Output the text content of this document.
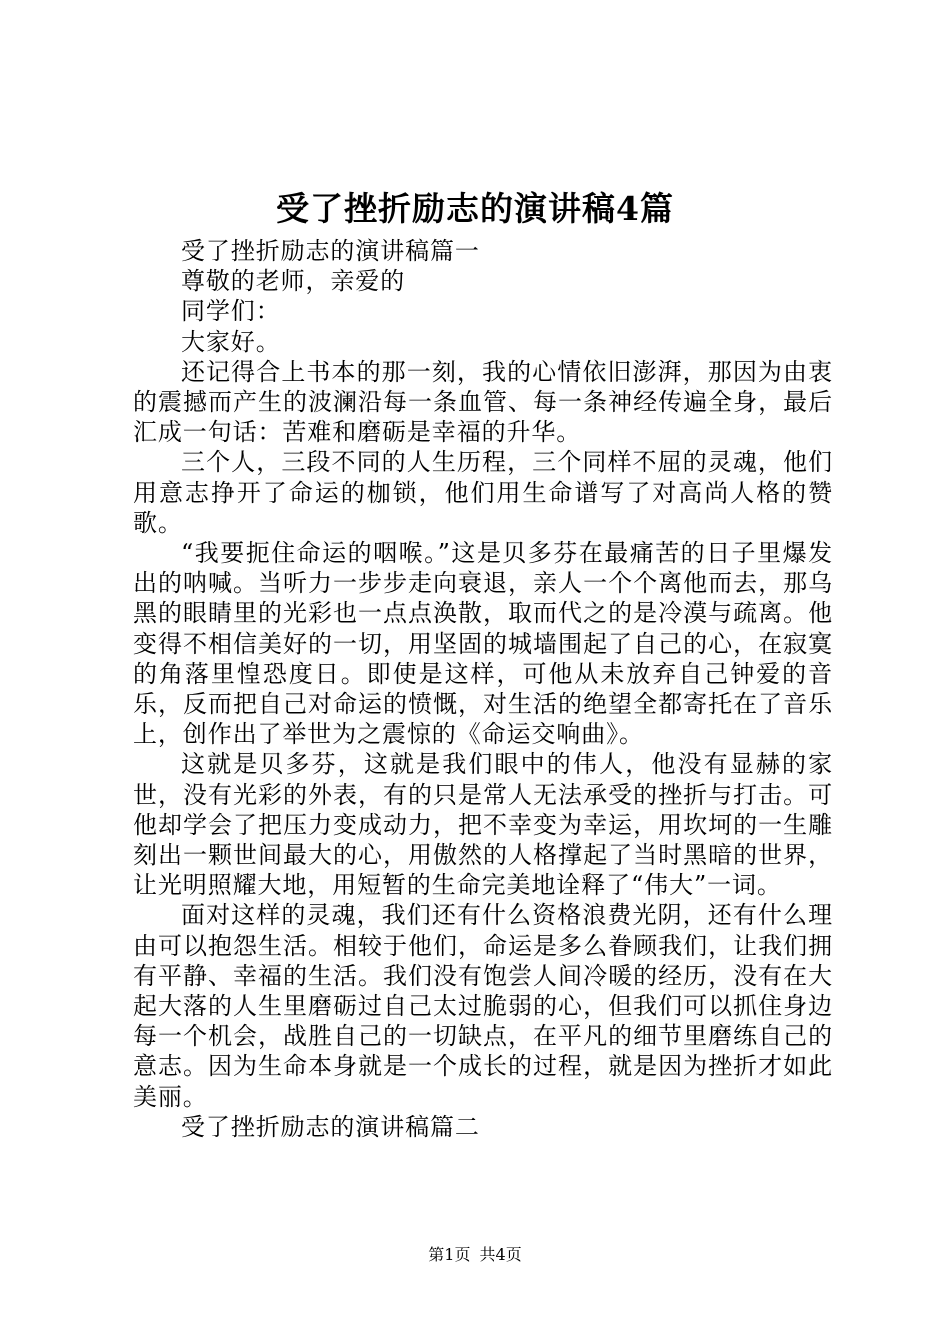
受了挫折励志的演讲稿4篇

受了挫折励志的演讲稿篇一

尊敬的老师，亲爱的

同学们：

大家好。

还记得合上书本的那一刻，我的心情依旧澎湃，那因为由衷的震撼而产生的波澜沿每一条血管、每一条神经传遍全身，最后汇成一句话：苦难和磨砺是幸福的升华。

三个人，三段不同的人生历程，三个同样不屈的灵魂，他们用意志挣开了命运的枷锁，他们用生命谱写了对高尚人格的赞歌。

“我要扼住命运的咽喉。”这是贝多芬在最痛苦的日子里爆发出的呐喊。当听力一步步走向衰退，亲人一个个离他而去，那乌黑的眼睛里的光彩也一点点涣散，取而代之的是冷漠与疏离。他变得不相信美好的一切，用坚固的城墙围起了自己的心，在寂寞的角落里惶恐度日。即使是这样，可他从未放弃自己钟爱的音乐，反而把自己对命运的愤慨，对生活的绝望全都寄托在了音乐上，创作出了举世为之震惊的《命运交响曲》。

这就是贝多芬，这就是我们眼中的伟人，他没有显赫的家世，没有光彩的外表，有的只是常人无法承受的挫折与打击。可他却学会了把压力变成动力，把不幸变为幸运，用坎坷的一生雕刻出一颗世间最大的心，用傲然的人格撑起了当时黑暗的世界，让光明照耀大地，用短暂的生命完美地诠释了“伟大”一词。

面对这样的灵魂，我们还有什么资格浪费光阴，还有什么理由可以抱怨生活。相较于他们，命运是多么眷顾我们，让我们拥有平静、幸福的生活。我们没有饱尝人间冷暖的经历，没有在大起大落的人生里磨砺过自己太过脆弱的心，但我们可以抓住身边每一个机会，战胜自己的一切缺点，在平凡的细节里磨练自己的意志。因为生命本身就是一个成长的过程，就是因为挫折才如此美丽。

受了挫折励志的演讲稿篇二

第1页 共4页
